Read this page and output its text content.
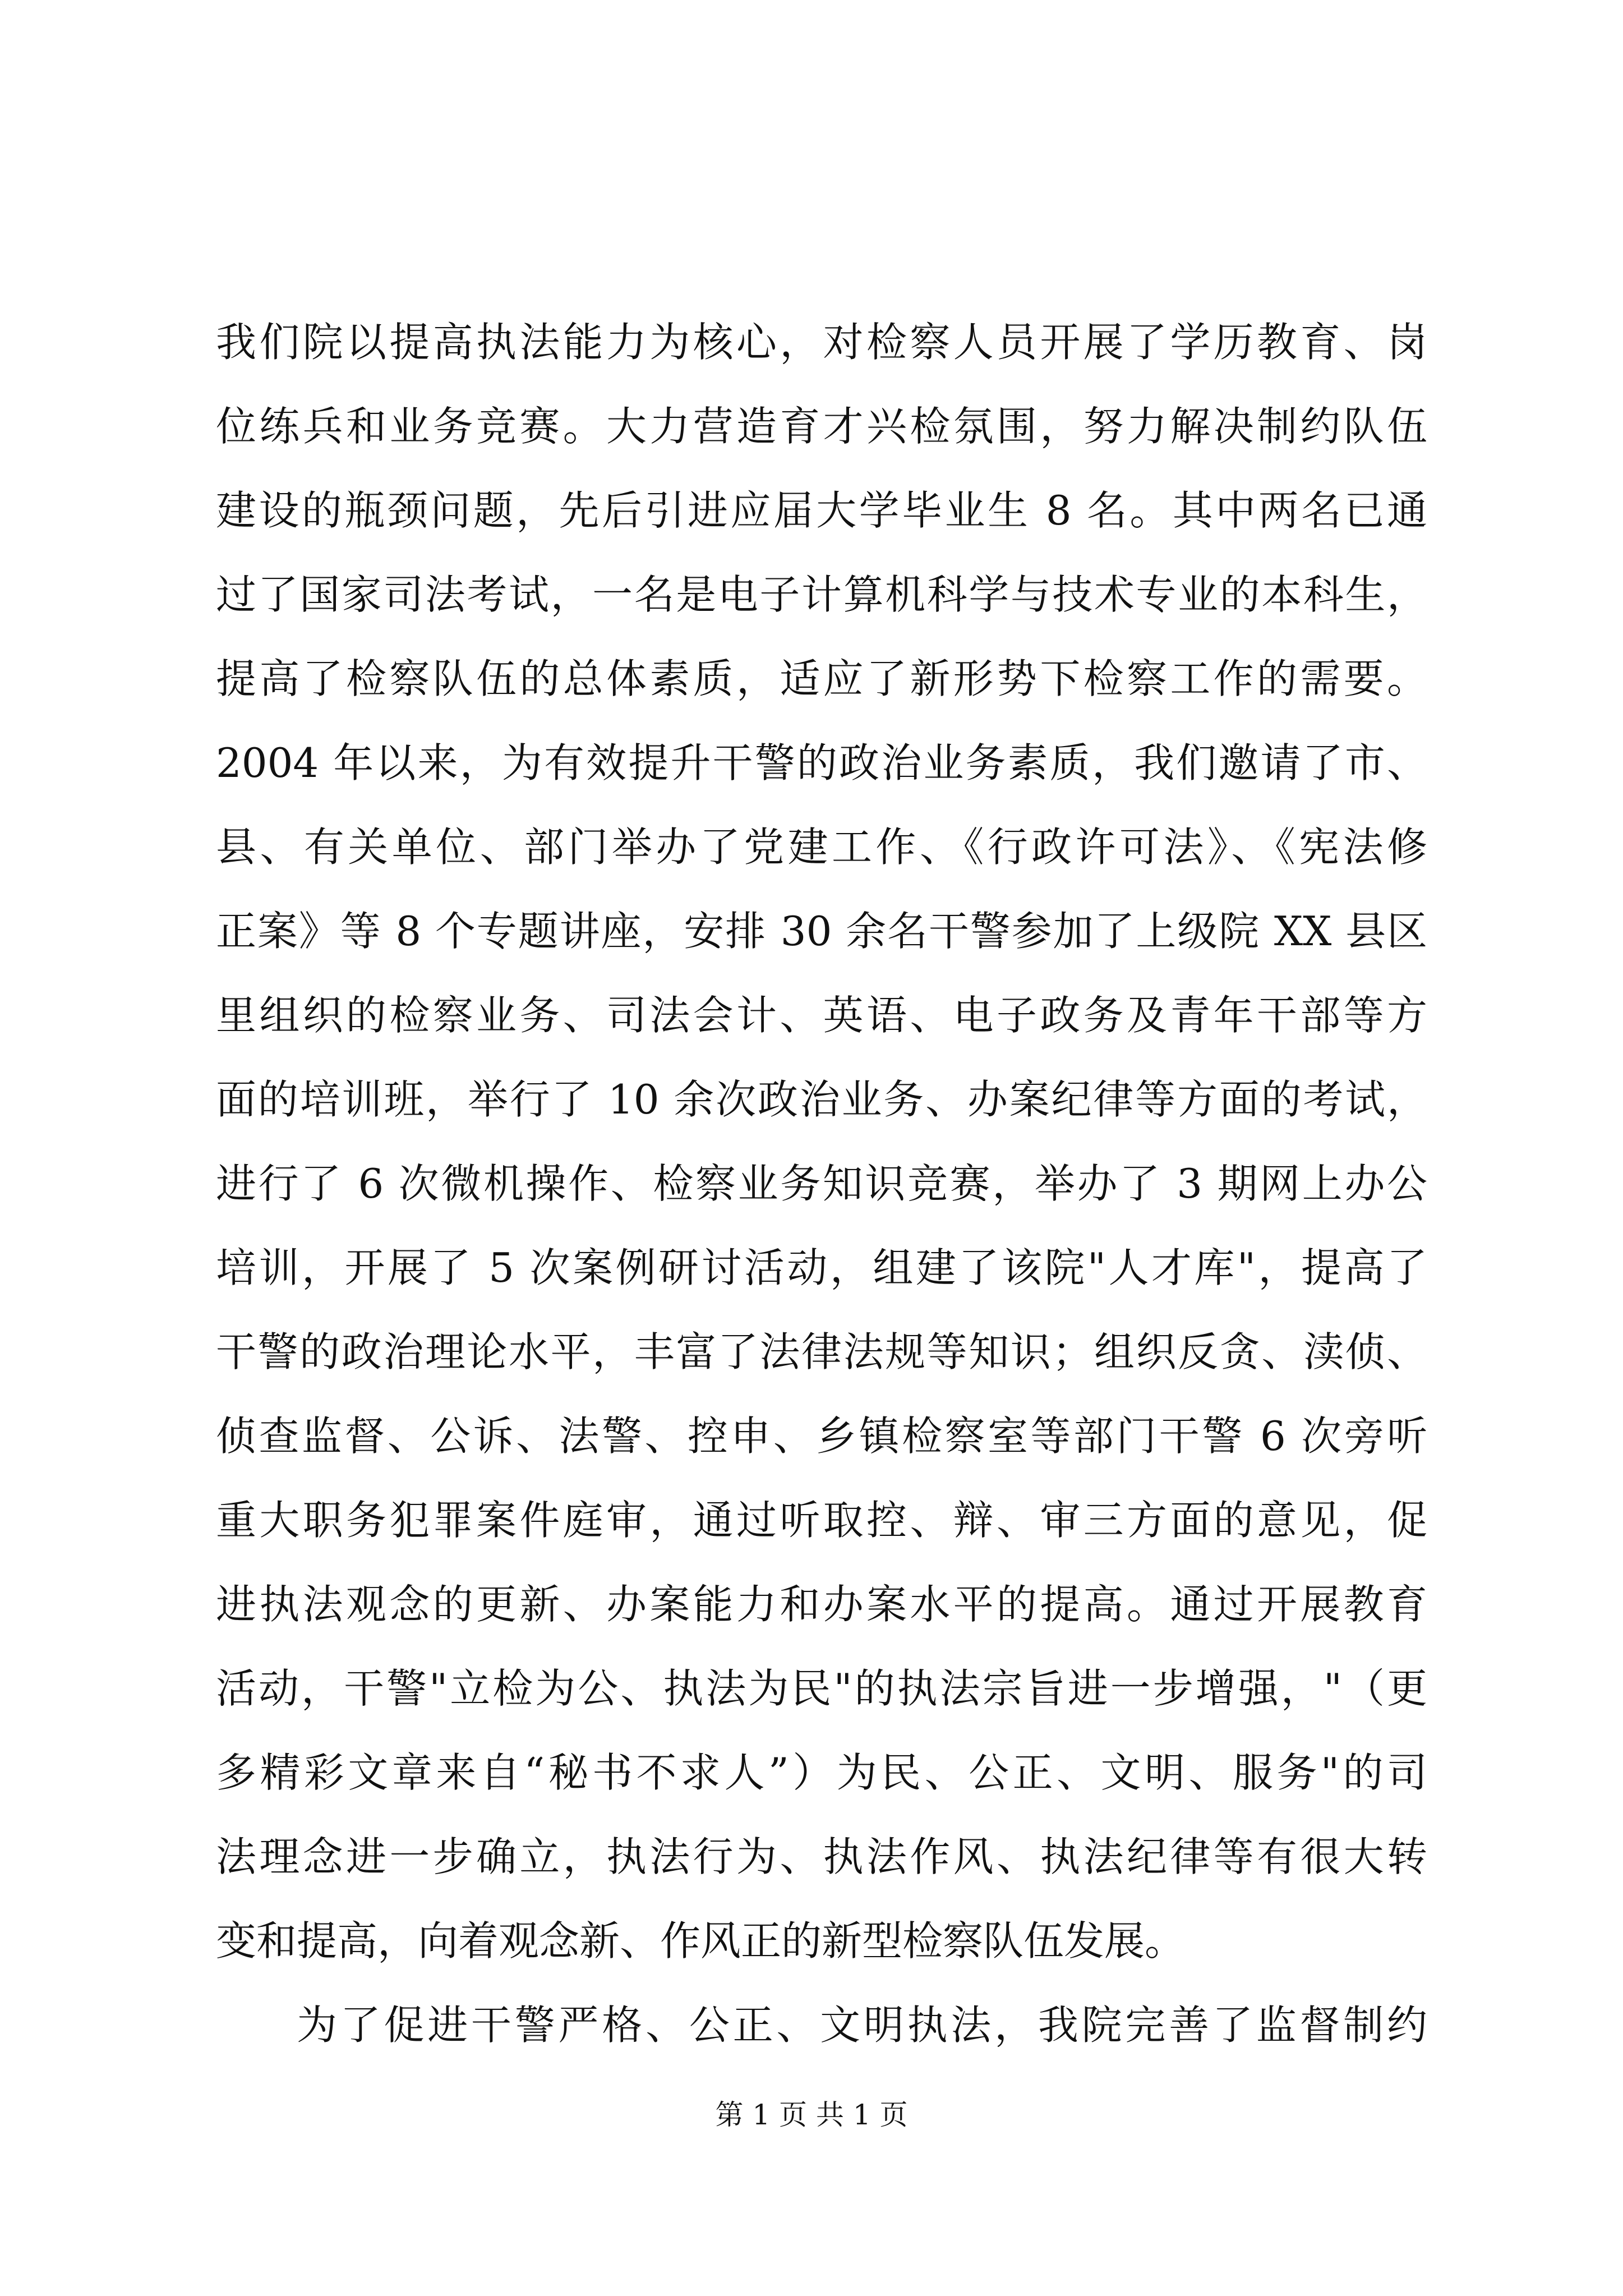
我们院以提高执法能力为核心，对检察人员开展了学历教育、岗
位练兵和业务竞赛。大力营造育才兴检氛围，努力解决制约队伍
建设的瓶颈问题，先后引进应届大学毕业生 8 名。其中两名已通
过了国家司法考试，一名是电子计算机科学与技术专业的本科生，
提高了检察队伍的总体素质，适应了新形势下检察工作的需要。
2004 年以来，为有效提升干警的政治业务素质，我们邀请了市、
县、有关单位、部门举办了党建工作、《行政许可法》、《宪法修
正案》等 8 个专题讲座，安排 30 余名干警参加了上级院 XX 县区
里组织的检察业务、司法会计、英语、电子政务及青年干部等方
面的培训班，举行了 10 余次政治业务、办案纪律等方面的考试，
进行了 6 次微机操作、检察业务知识竞赛，举办了 3 期网上办公
培训，开展了 5 次案例研讨活动，组建了该院"人才库"，提高了
干警的政治理论水平，丰富了法律法规等知识；组织反贪、渎侦、
侦查监督、公诉、法警、控申、乡镇检察室等部门干警 6 次旁听
重大职务犯罪案件庭审，通过听取控、辩、审三方面的意见，促
进执法观念的更新、办案能力和办案水平的提高。通过开展教育
活动，干警"立检为公、执法为民"的执法宗旨进一步增强，"（更
多精彩文章来自“秘书不求人”）为民、公正、文明、服务"的司
法理念进一步确立，执法行为、执法作风、执法纪律等有很大转
变和提高，向着观念新、作风正的新型检察队伍发展。
为了促进干警严格、公正、文明执法，我院完善了监督制约
第 1 页 共 1 页
